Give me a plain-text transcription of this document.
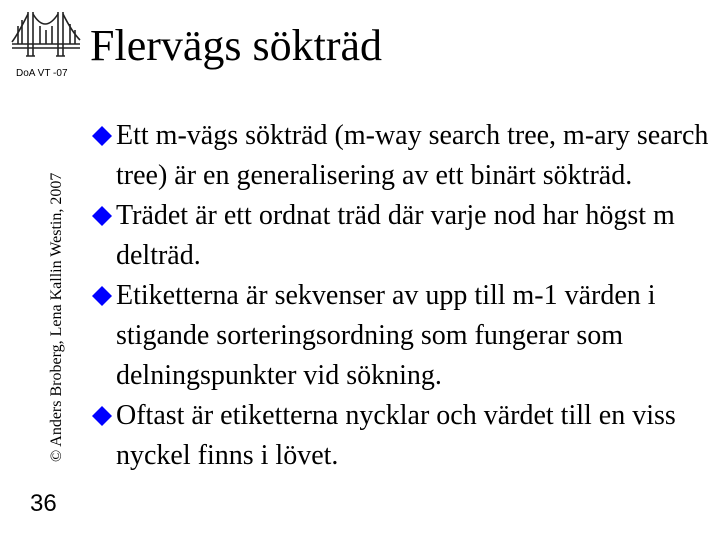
DoA VT -07
© Anders Broberg, Lena Kallin Westin, 2007
36
Flervägs sökträd
Ett m-vägs sökträd (m-way search tree, m-ary search tree) är en generalisering av ett binärt sökträd.
Trädet är ett ordnat träd där varje nod har högst m delträd.
Etiketterna är sekvenser av upp till m-1 värden i stigande sorteringsordning som fungerar som delningspunkter vid sökning.
Oftast är etiketterna nycklar och värdet till en viss nyckel finns i lövet.
